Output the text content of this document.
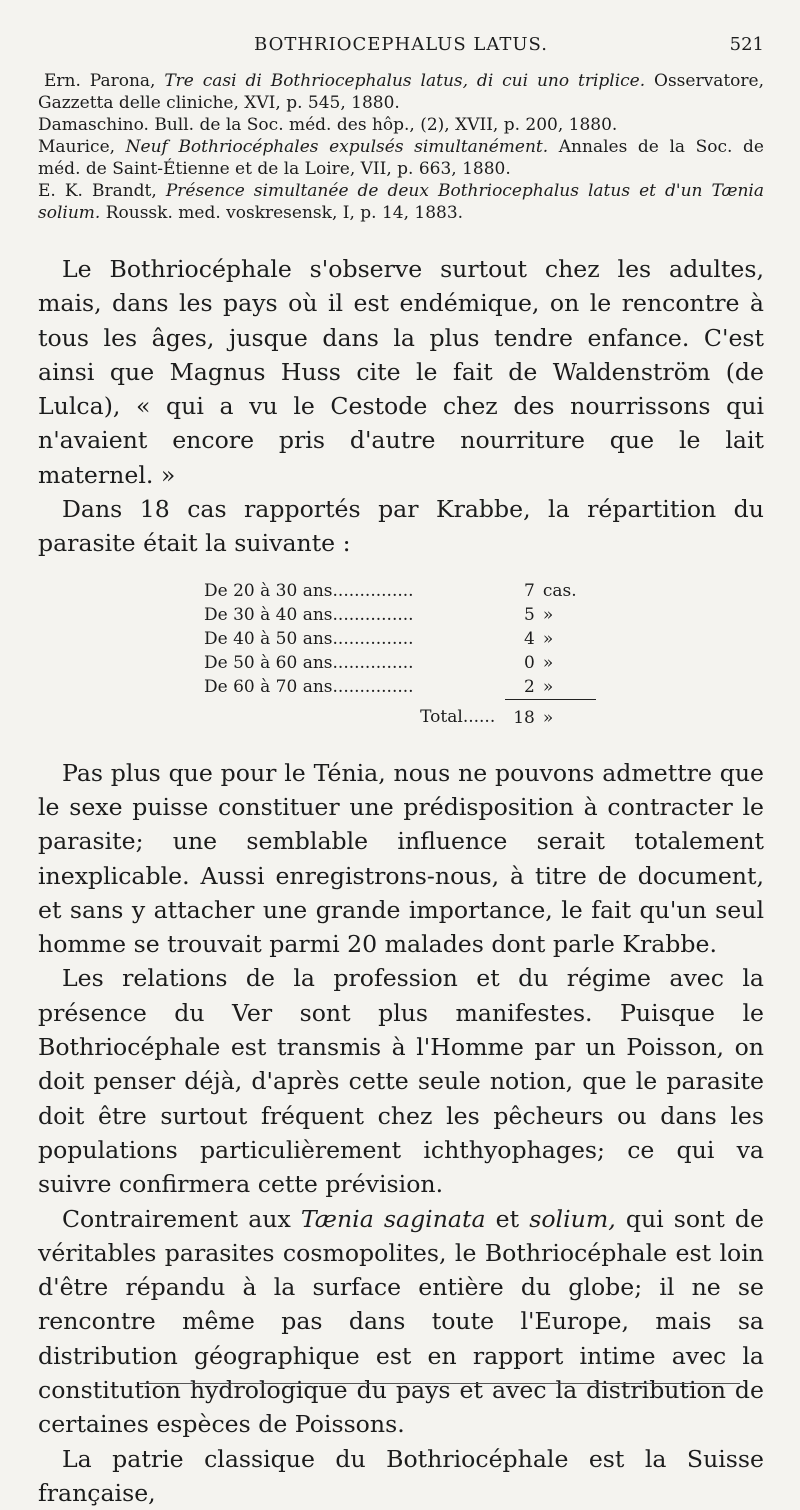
BOTHRIOCEPHALUS LATUS.	521

Ern. Parona, Tre casi di Bothriocephalus latus, di cui uno triplice. Osservatore, Gazzetta delle cliniche, XVI, p. 545, 1880.

Damaschino. Bull. de la Soc. méd. des hôp., (2), XVII, p. 200, 1880.

Maurice, Neuf Bothriocéphales expulsés simultanément. Annales de la Soc. de méd. de Saint-Étienne et de la Loire, VII, p. 663, 1880.

E. K. Brandt, Présence simultanée de deux Bothriocephalus latus et d'un Tænia solium. Roussk. med. voskresensk, I, p. 14, 1883.

Le Bothriocéphale s'observe surtout chez les adultes, mais, dans les pays où il est endémique, on le rencontre à tous les âges, jusque dans la plus tendre enfance. C'est ainsi que Magnus Huss cite le fait de Waldenström (de Lulca), « qui a vu le Cestode chez des nourrissons qui n'avaient encore pris d'autre nourriture que le lait maternel. »

Dans 18 cas rapportés par Krabbe, la répartition du parasite était la suivante :

De 20 à 30 ans...............	7	cas.
De 30 à 40 ans...............	5	»
De 40 à 50 ans...............	4	»
De 50 à 60 ans...............	0	»
De 60 à 70 ans...............	2	»
Total......	18	»

Pas plus que pour le Ténia, nous ne pouvons admettre que le sexe puisse constituer une prédisposition à contracter le parasite; une semblable influence serait totalement inexplicable. Aussi enregistrons-nous, à titre de document, et sans y attacher une grande importance, le fait qu'un seul homme se trouvait parmi 20 malades dont parle Krabbe.

Les relations de la profession et du régime avec la présence du Ver sont plus manifestes. Puisque le Bothriocéphale est transmis à l'Homme par un Poisson, on doit penser déjà, d'après cette seule notion, que le parasite doit être surtout fréquent chez les pêcheurs ou dans les populations particulièrement ichthyophages; ce qui va suivre confirmera cette prévision.

Contrairement aux Tænia saginata et solium, qui sont de véritables parasites cosmopolites, le Bothriocéphale est loin d'être répandu à la surface entière du globe; il ne se rencontre même pas dans toute l'Europe, mais sa distribution géographique est en rapport intime avec la constitution hydrologique du pays et avec la distribution de certaines espèces de Poissons.

La patrie classique du Bothriocéphale est la Suisse française,
